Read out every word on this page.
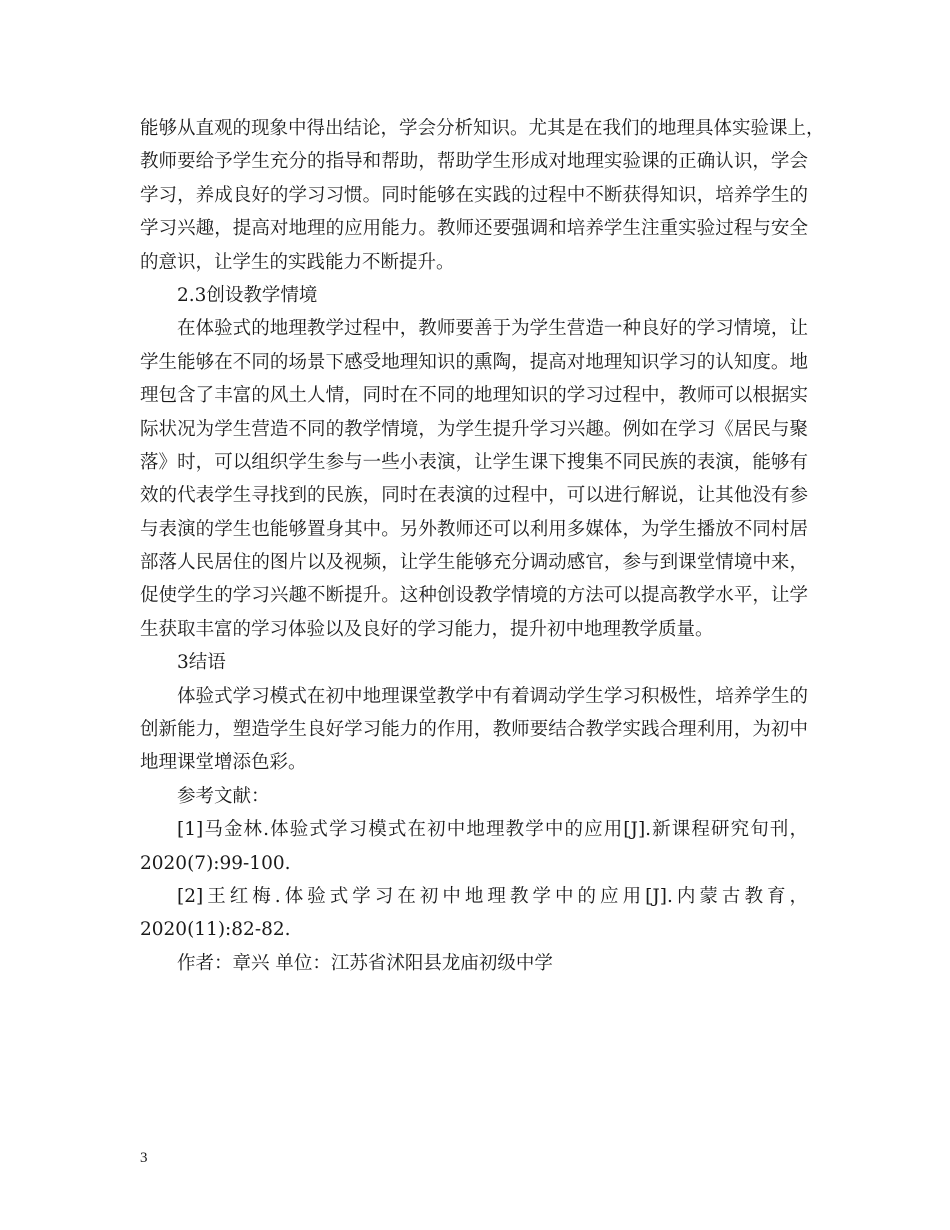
能够从直观的现象中得出结论，学会分析知识。尤其是在我们的地理具体实验课上，
教师要给予学生充分的指导和帮助，帮助学生形成对地理实验课的正确认识，学会
学习，养成良好的学习习惯。同时能够在实践的过程中不断获得知识，培养学生的
学习兴趣，提高对地理的应用能力。教师还要强调和培养学生注重实验过程与安全
的意识，让学生的实践能力不断提升。
2.3创设教学情境
在体验式的地理教学过程中，教师要善于为学生营造一种良好的学习情境，让
学生能够在不同的场景下感受地理知识的熏陶，提高对地理知识学习的认知度。地
理包含了丰富的风土人情，同时在不同的地理知识的学习过程中，教师可以根据实
际状况为学生营造不同的教学情境，为学生提升学习兴趣。例如在学习《居民与聚
落》时，可以组织学生参与一些小表演，让学生课下搜集不同民族的表演，能够有
效的代表学生寻找到的民族，同时在表演的过程中，可以进行解说，让其他没有参
与表演的学生也能够置身其中。另外教师还可以利用多媒体，为学生播放不同村居
部落人民居住的图片以及视频，让学生能够充分调动感官，参与到课堂情境中来，
促使学生的学习兴趣不断提升。这种创设教学情境的方法可以提高教学水平，让学
生获取丰富的学习体验以及良好的学习能力，提升初中地理教学质量。
3结语
体验式学习模式在初中地理课堂教学中有着调动学生学习积极性，培养学生的
创新能力，塑造学生良好学习能力的作用，教师要结合教学实践合理利用，为初中
地理课堂增添色彩。
参考文献：
[1]马金林.体验式学习模式在初中地理教学中的应用[J].新课程研究旬刊，
2020(7):99-100.
[2]王红梅.体验式学习在初中地理教学中的应用[J].内蒙古教育，
2020(11):82-82.
作者：章兴 单位：江苏省沭阳县龙庙初级中学
3
